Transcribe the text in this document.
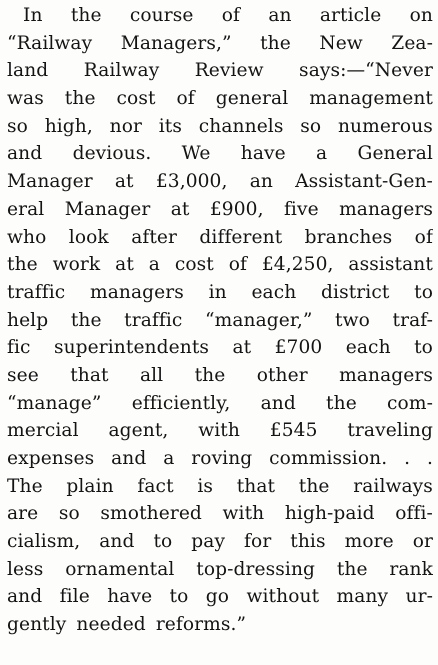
In the course of an article on
“Railway Managers,” the New Zea-
land Railway Review says:—“Never
was the cost of general management
so high, nor its channels so numerous
and devious. We have a General
Manager at £3,000, an Assistant-Gen-
eral Manager at £900, five managers
who look after different branches of
the work at a cost of £4,250, assistant
traffic managers in each district to
help the traffic “manager,” two traf-
fic superintendents at £700 each to
see that all the other managers
“manage” efficiently, and the com-
mercial agent, with £545 traveling
expenses and a roving commission. . .
The plain fact is that the railways
are so smothered with high-paid offi-
cialism, and to pay for this more or
less ornamental top-dressing the rank
and file have to go without many ur-
gently needed reforms.”
